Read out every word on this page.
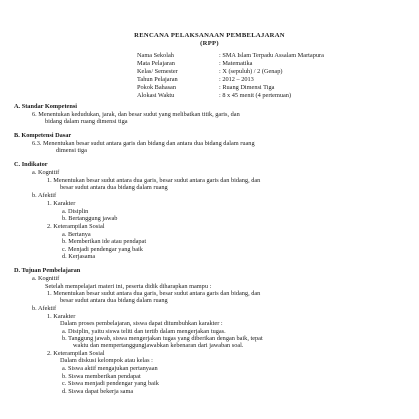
RENCANA PELAKSANAAN PEMBELAJARAN
(RPP)
Nama Sekolah	: SMA Islam Terpadu Assalam Martapura
Mata Pelajaran	: Matematika
Kelas/ Semester	: X (sepuluh) / 2 (Genap)
Tahun Pelajaran	: 2012 – 2013
Pokok Bahasan	: Ruang Dimensi Tiga
Alokasi Waktu	: 8 x 45 menit (4 pertemuan)
A. Standar Kompetensi
6. Menentukan kedudukan, jarak, dan besar sudut yang melibatkan titik, garis, dan
bidang dalam ruang dimensi tiga
B. Kompetensi Dasar
6.3. Menentukan besar sudut antara garis dan bidang dan antara dua bidang dalam ruang
dimensi tiga
C. Indikator
a. Kognitif
1. Menentukan besar sudut antara dua garis, besar sudut antara garis dan bidang, dan
besar sudut antara dua bidang dalam ruang
b. Afektif
1. Karakter
a. Disiplin
b. Bertanggung jawab
2. Keterampilan Sosial
a. Bertanya
b. Memberikan ide atau pendapat
c. Menjadi pendengar yang baik
d. Kerjasama
D. Tujuan Pembelajaran
a. Kognitif
Setelah mempelajari materi ini, peserta didik diharapkan mampu :
1. Menentukan besar sudut antara dua garis, besar sudut antara garis dan bidang, dan
besar sudut antara dua bidang dalam ruang
b. Afektif
1. Karakter
Dalam proses pembelajaran, siswa dapat ditumbuhkan karakter :
a. Disiplin, yaitu siswa teliti dan tertib dalam mengerjakan tugas.
b. Tanggung jawab, siswa mengerjakan tugas yang diberikan dengan baik, tepat
waktu dan mempertanggungjawabkan kebenaran dari jawaban soal.
2. Keterampilan Sosial
Dalam diskusi kelompok atau kelas :
a. Siswa aktif mengajukan pertanyaan
b. Siswa memberikan pendapat
c. Siswa menjadi pendengar yang baik
d. Siswa dapat bekerja sama
